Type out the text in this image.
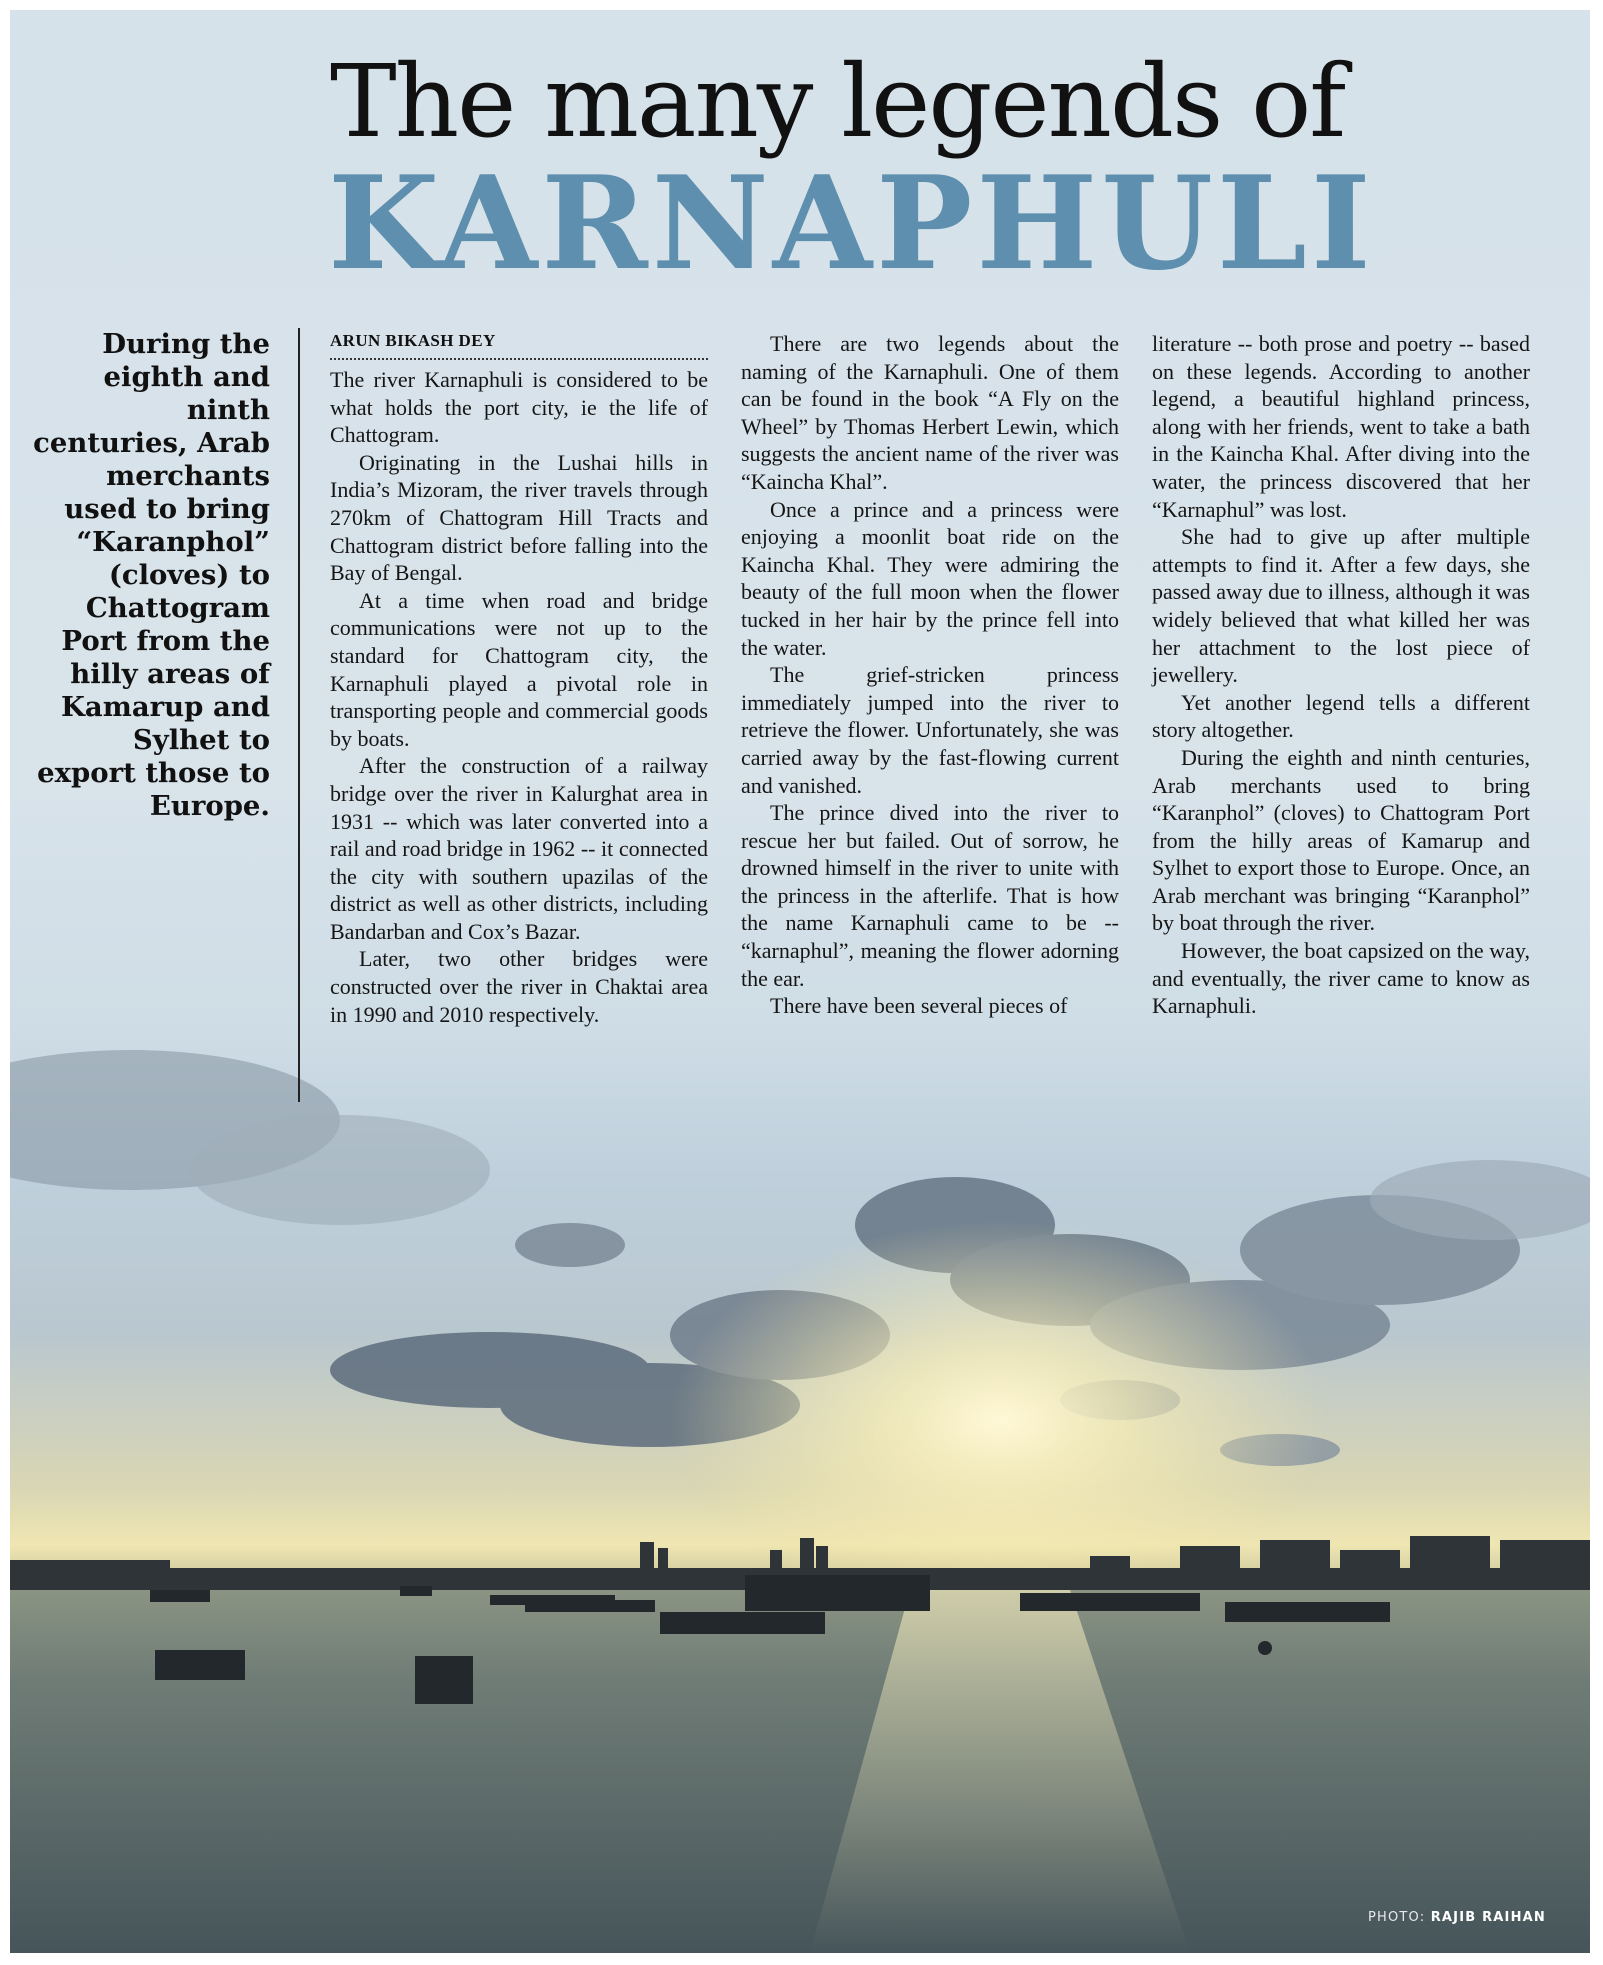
The many legends of
KARNAPHULI

During the eighth and ninth centuries, Arab merchants used to bring “Karanphol” (cloves) to Chattogram Port from the hilly areas of Kamarup and Sylhet to export those to Europe.

ARUN BIKASH DEY

The river Karnaphuli is considered to be what holds the port city, ie the life of Chattogram.

Originating in the Lushai hills in India’s Mizoram, the river travels through 270km of Chattogram Hill Tracts and Chattogram district before falling into the Bay of Bengal.

At a time when road and bridge communications were not up to the standard for Chattogram city, the Karnaphuli played a pivotal role in transporting people and commercial goods by boats.

After the construction of a railway bridge over the river in Kalurghat area in 1931 -- which was later converted into a rail and road bridge in 1962 -- it connected the city with southern upazilas of the district as well as other districts, including Bandarban and Cox’s Bazar.

Later, two other bridges were constructed over the river in Chaktai area in 1990 and 2010 respectively.

There are two legends about the naming of the Karnaphuli. One of them can be found in the book “A Fly on the Wheel” by Thomas Herbert Lewin, which suggests the ancient name of the river was “Kaincha Khal”.

Once a prince and a princess were enjoying a moonlit boat ride on the Kaincha Khal. They were admiring the beauty of the full moon when the flower tucked in her hair by the prince fell into the water.

The grief-stricken princess immediately jumped into the river to retrieve the flower. Unfortunately, she was carried away by the fast-flowing current and vanished.

The prince dived into the river to rescue her but failed. Out of sorrow, he drowned himself in the river to unite with the princess in the afterlife. That is how the name Karnaphuli came to be -- “karnaphul”, meaning the flower adorning the ear.

There have been several pieces of

literature -- both prose and poetry -- based on these legends. According to another legend, a beautiful highland princess, along with her friends, went to take a bath in the Kaincha Khal. After diving into the water, the princess discovered that her “Karnaphul” was lost.

She had to give up after multiple attempts to find it. After a few days, she passed away due to illness, although it was widely believed that what killed her was her attachment to the lost piece of jewellery.

Yet another legend tells a different story altogether.

During the eighth and ninth centuries, Arab merchants used to bring “Karanphol” (cloves) to Chattogram Port from the hilly areas of Kamarup and Sylhet to export those to Europe. Once, an Arab merchant was bringing “Karanphol” by boat through the river.

However, the boat capsized on the way, and eventually, the river came to know as Karnaphuli.

PHOTO: RAJIB RAIHAN
